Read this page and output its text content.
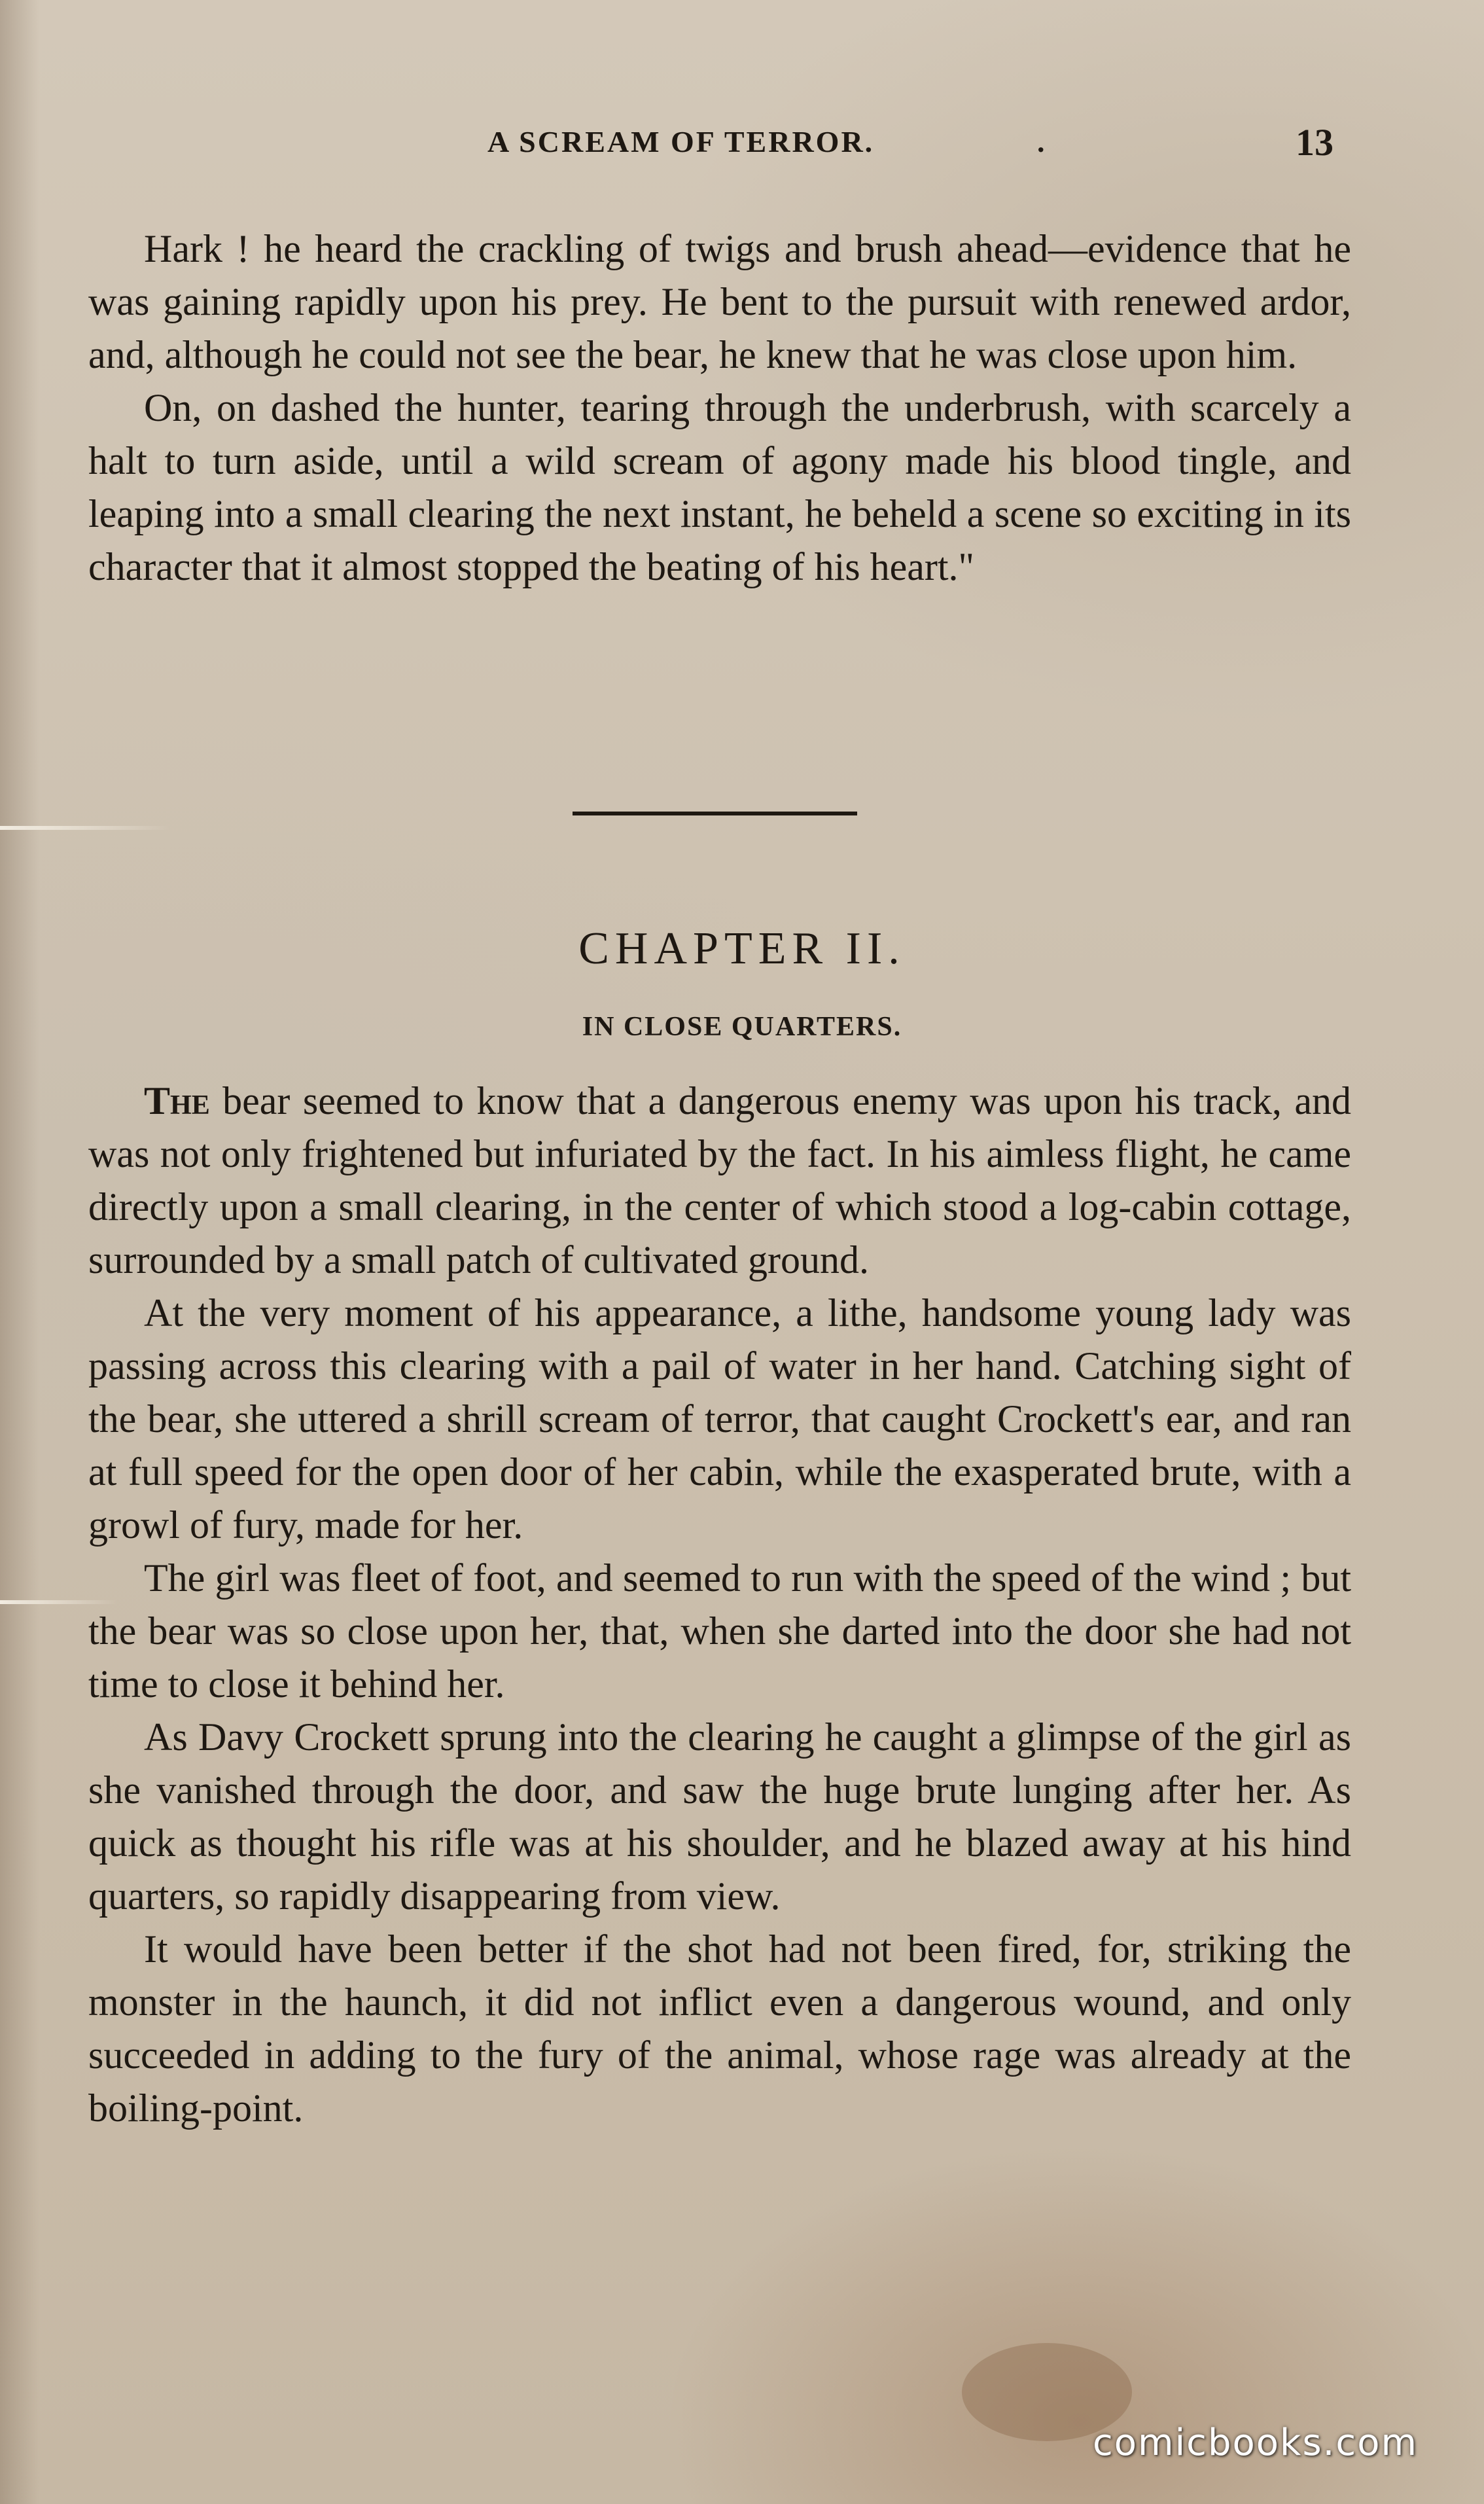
A SCREAM OF TERROR.	.	13

Hark ! he heard the crackling of twigs and brush ahead—evidence that he was gaining rapidly upon his prey. He bent to the pursuit with renewed ardor, and, although he could not see the bear, he knew that he was close upon him.

On, on dashed the hunter, tearing through the underbrush, with scarcely a halt to turn aside, until a wild scream of agony made his blood tingle, and leaping into a small clearing the next instant, he beheld a scene so exciting in its character that it almost stopped the beating of his heart."

CHAPTER II.
IN CLOSE QUARTERS.

The bear seemed to know that a dangerous enemy was upon his track, and was not only frightened but infuriated by the fact. In his aimless flight, he came directly upon a small clearing, in the center of which stood a log-cabin cottage, surrounded by a small patch of cultivated ground.

At the very moment of his appearance, a lithe, handsome young lady was passing across this clearing with a pail of water in her hand. Catching sight of the bear, she uttered a shrill scream of terror, that caught Crockett's ear, and ran at full speed for the open door of her cabin, while the exasperated brute, with a growl of fury, made for her.

The girl was fleet of foot, and seemed to run with the speed of the wind ; but the bear was so close upon her, that, when she darted into the door she had not time to close it behind her.

As Davy Crockett sprung into the clearing he caught a glimpse of the girl as she vanished through the door, and saw the huge brute lunging after her. As quick as thought his rifle was at his shoulder, and he blazed away at his hind quarters, so rapidly disappearing from view.

It would have been better if the shot had not been fired, for, striking the monster in the haunch, it did not inflict even a dangerous wound, and only succeeded in adding to the fury of the animal, whose rage was already at the boiling-point.

comicbooks.com
